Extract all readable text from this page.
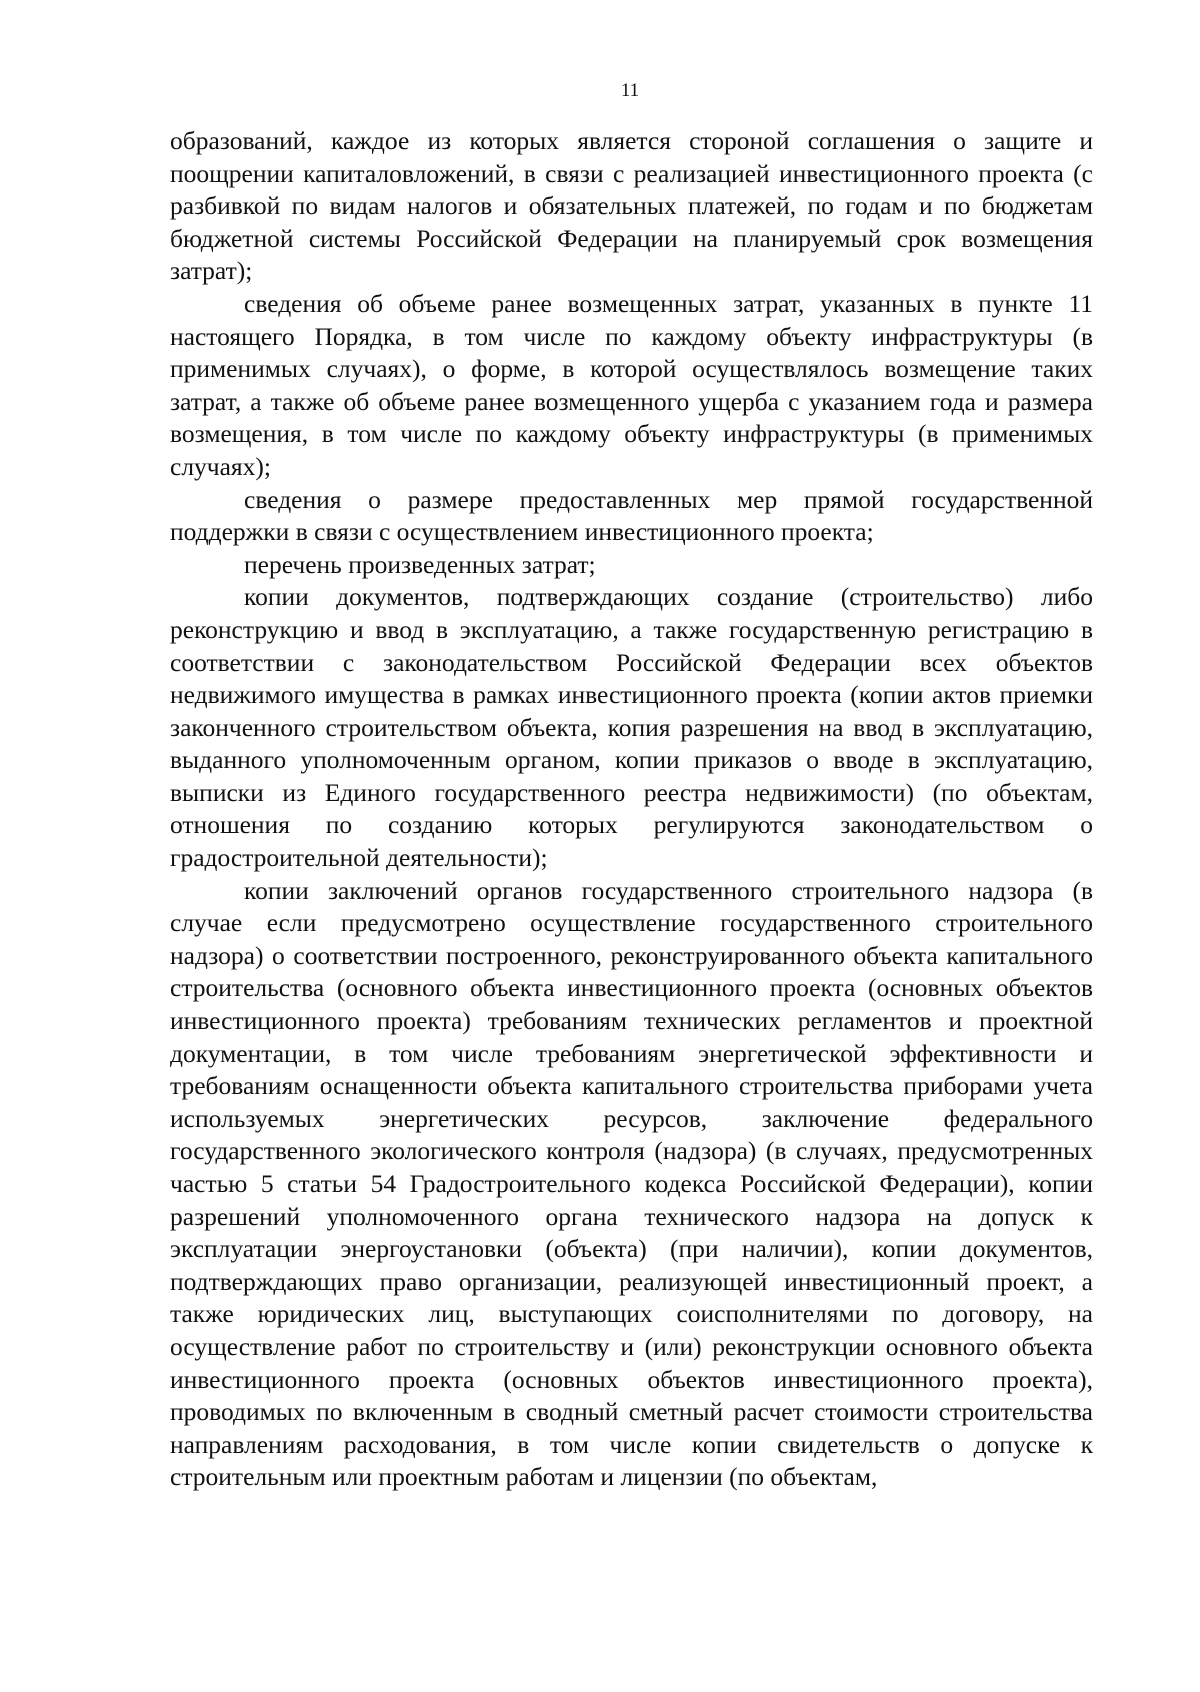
11

образований, каждое из которых является стороной соглашения о защите и поощрении капиталовложений, в связи с реализацией инвестиционного проекта (с разбивкой по видам налогов и обязательных платежей, по годам и по бюджетам бюджетной системы Российской Федерации на планируемый срок возмещения затрат);

сведения об объеме ранее возмещенных затрат, указанных в пункте 11 настоящего Порядка, в том числе по каждому объекту инфраструктуры (в применимых случаях), о форме, в которой осуществлялось возмещение таких затрат, а также об объеме ранее возмещенного ущерба с указанием года и размера возмещения, в том числе по каждому объекту инфраструктуры (в применимых случаях);

сведения о размере предоставленных мер прямой государственной поддержки в связи с осуществлением инвестиционного проекта;

перечень произведенных затрат;

копии документов, подтверждающих создание (строительство) либо реконструкцию и ввод в эксплуатацию, а также государственную регистрацию в соответствии с законодательством Российской Федерации всех объектов недвижимого имущества в рамках инвестиционного проекта (копии актов приемки законченного строительством объекта, копия разрешения на ввод в эксплуатацию, выданного уполномоченным органом, копии приказов о вводе в эксплуатацию, выписки из Единого государственного реестра недвижимости) (по объектам, отношения по созданию которых регулируются законодательством о градостроительной деятельности);

копии заключений органов государственного строительного надзора (в случае если предусмотрено осуществление государственного строительного надзора) о соответствии построенного, реконструированного объекта капитального строительства (основного объекта инвестиционного проекта (основных объектов инвестиционного проекта) требованиям технических регламентов и проектной документации, в том числе требованиям энергетической эффективности и требованиям оснащенности объекта капитального строительства приборами учета используемых энергетических ресурсов, заключение федерального государственного экологического контроля (надзора) (в случаях, предусмотренных частью 5 статьи 54 Градостроительного кодекса Российской Федерации), копии разрешений уполномоченного органа технического надзора на допуск к эксплуатации энергоустановки (объекта) (при наличии), копии документов, подтверждающих право организации, реализующей инвестиционный проект, а также юридических лиц, выступающих соисполнителями по договору, на осуществление работ по строительству и (или) реконструкции основного объекта инвестиционного проекта (основных объектов инвестиционного проекта), проводимых по включенным в сводный сметный расчет стоимости строительства направлениям расходования, в том числе копии свидетельств о допуске к строительным или проектным работам и лицензии (по объектам,
